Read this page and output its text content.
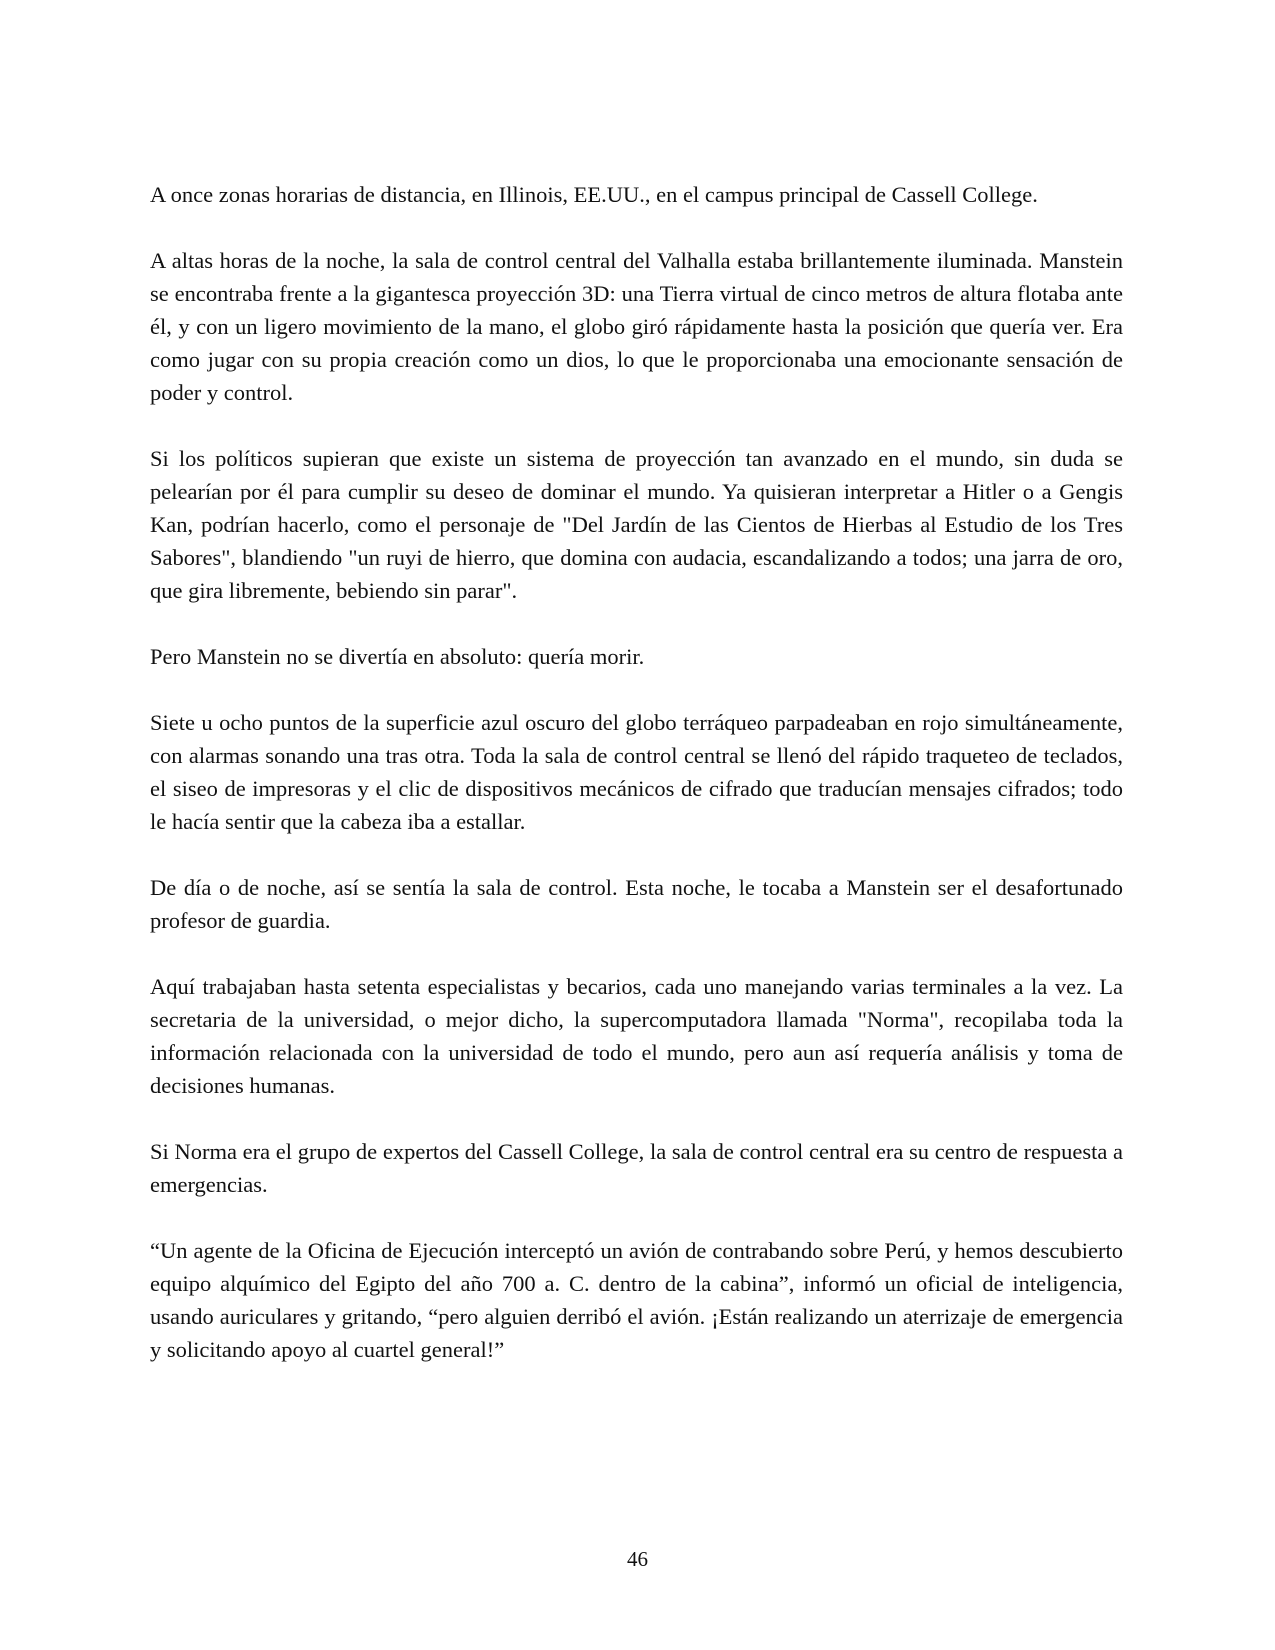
A once zonas horarias de distancia, en Illinois, EE.UU., en el campus principal de Cassell College.

A altas horas de la noche, la sala de control central del Valhalla estaba brillantemente iluminada. Manstein se encontraba frente a la gigantesca proyección 3D: una Tierra virtual de cinco metros de altura flotaba ante él, y con un ligero movimiento de la mano, el globo giró rápidamente hasta la posición que quería ver. Era como jugar con su propia creación como un dios, lo que le proporcionaba una emocionante sensación de poder y control.

Si los políticos supieran que existe un sistema de proyección tan avanzado en el mundo, sin duda se pelearían por él para cumplir su deseo de dominar el mundo. Ya quisieran interpretar a Hitler o a Gengis Kan, podrían hacerlo, como el personaje de "Del Jardín de las Cientos de Hierbas al Estudio de los Tres Sabores", blandiendo "un ruyi de hierro, que domina con audacia, escandalizando a todos; una jarra de oro, que gira libremente, bebiendo sin parar".

Pero Manstein no se divertía en absoluto: quería morir.

Siete u ocho puntos de la superficie azul oscuro del globo terráqueo parpadeaban en rojo simultáneamente, con alarmas sonando una tras otra. Toda la sala de control central se llenó del rápido traqueteo de teclados, el siseo de impresoras y el clic de dispositivos mecánicos de cifrado que traducían mensajes cifrados; todo le hacía sentir que la cabeza iba a estallar.

De día o de noche, así se sentía la sala de control. Esta noche, le tocaba a Manstein ser el desafortunado profesor de guardia.

Aquí trabajaban hasta setenta especialistas y becarios, cada uno manejando varias terminales a la vez. La secretaria de la universidad, o mejor dicho, la supercomputadora llamada "Norma", recopilaba toda la información relacionada con la universidad de todo el mundo, pero aun así requería análisis y toma de decisiones humanas.

Si Norma era el grupo de expertos del Cassell College, la sala de control central era su centro de respuesta a emergencias.

“Un agente de la Oficina de Ejecución interceptó un avión de contrabando sobre Perú, y hemos descubierto equipo alquímico del Egipto del año 700 a. C. dentro de la cabina”, informó un oficial de inteligencia, usando auriculares y gritando, “pero alguien derribó el avión. ¡Están realizando un aterrizaje de emergencia y solicitando apoyo al cuartel general!”

46
